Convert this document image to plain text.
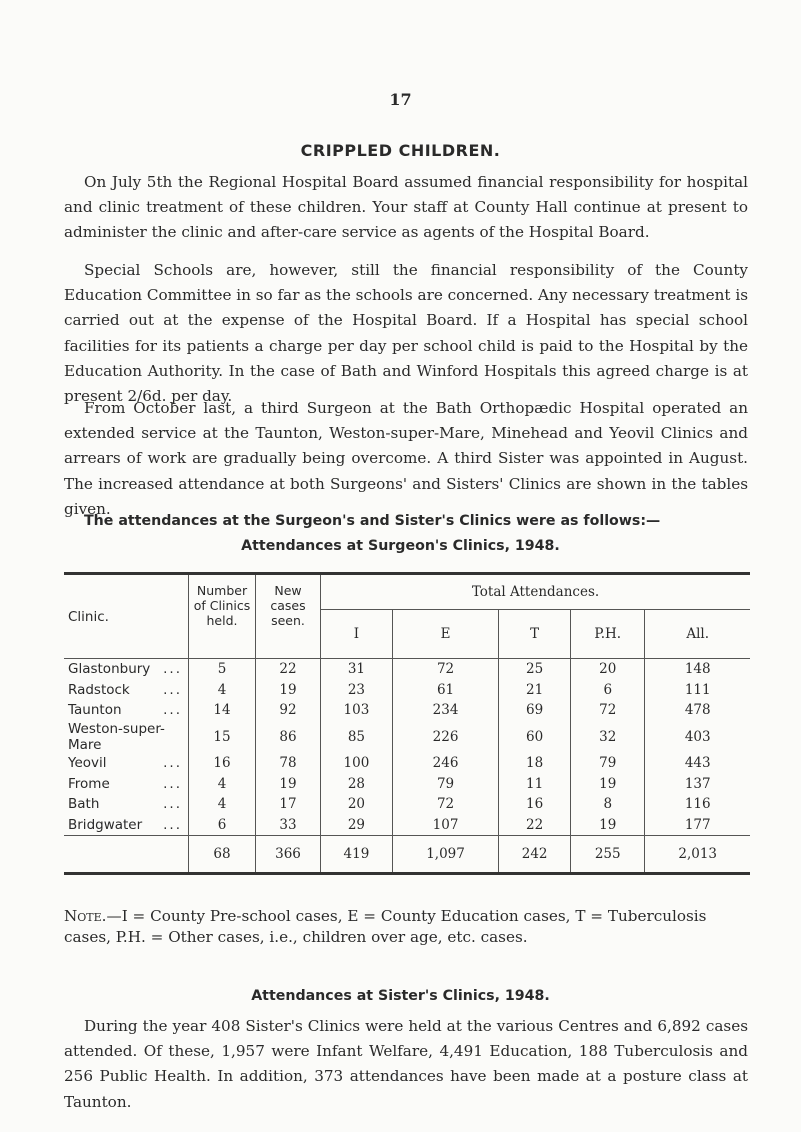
17
CRIPPLED CHILDREN.

On July 5th the Regional Hospital Board assumed financial responsibility for hospital and clinic treatment of these children. Your staff at County Hall continue at present to administer the clinic and after-care service as agents of the Hospital Board.

Special Schools are, however, still the financial responsibility of the County Education Committee in so far as the schools are concerned. Any necessary treatment is carried out at the expense of the Hospital Board. If a Hospital has special school facilities for its patients a charge per day per school child is paid to the Hospital by the Education Authority. In the case of Bath and Winford Hospitals this agreed charge is at present 2/6d. per day.

From October last, a third Surgeon at the Bath Orthopædic Hospital operated an extended service at the Taunton, Weston-super-Mare, Minehead and Yeovil Clinics and arrears of work are gradually being overcome. A third Sister was appointed in August. The increased attendance at both Surgeons' and Sisters' Clinics are shown in the tables given.

The attendances at the Surgeon's and Sister's Clinics were as follows:—
Attendances at Surgeon's Clinics, 1948.
Clinic.	Number of Clinics held.	New cases seen.	Total Attendances.				
			I	E	T	P.H.	All.
Glastonbury ...	5	22	31	72	25	20	148
Radstock ...	4	19	23	61	21	6	111
Taunton ...	14	92	103	234	69	72	478
Weston-super-Mare	15	86	85	226	60	32	403
Yeovil ...	16	78	100	246	18	79	443
Frome ...	4	19	28	79	11	19	137
Bath ...	4	17	20	72	16	8	116
Bridgwater ...	6	33	29	107	22	19	177
	68	366	419	1,097	242	255	2,013
Note.—I = County Pre-school cases, E = County Education cases, T = Tuberculosis cases, P.H. = Other cases, i.e., children over age, etc. cases.
Attendances at Sister's Clinics, 1948.

During the year 408 Sister's Clinics were held at the various Centres and 6,892 cases attended. Of these, 1,957 were Infant Welfare, 4,491 Education, 188 Tuberculosis and 256 Public Health. In addition, 373 attendances have been made at a posture class at Taunton.
